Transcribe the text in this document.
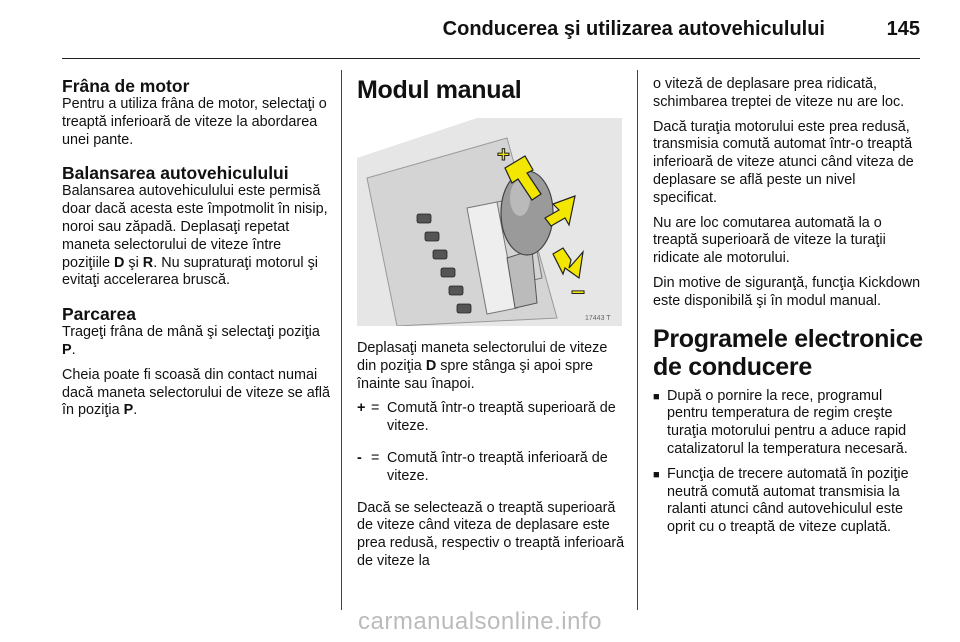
Conducerea şi utilizarea autovehiculului	145
Frâna de motor

Pentru a utiliza frâna de motor, selectaţi o treaptă inferioară de viteze la abordarea unei pante.

Balansarea autovehiculului

Balansarea autovehiculului este permisă doar dacă acesta este împotmolit în nisip, noroi sau zăpadă. Deplasaţi repetat maneta selectorului de viteze între poziţiile D şi R. Nu supraturaţi motorul şi evitaţi accelerarea bruscă.

Parcarea

Trageţi frâna de mână şi selectaţi poziţia P.

Cheia poate fi scoasă din contact numai dacă maneta selectorului de viteze se află în poziţia P.

Modul manual
+
−
17443 T

Deplasaţi maneta selectorului de viteze din poziţia D spre stânga şi apoi spre înainte sau înapoi.

+ = Comută într-o treaptă superioară de viteze.
- = Comută într-o treaptă inferioară de viteze.

Dacă se selectează o treaptă superioară de viteze când viteza de deplasare este prea redusă, respectiv o treaptă inferioară de viteze la

o viteză de deplasare prea ridicată, schimbarea treptei de viteze nu are loc.

Dacă turaţia motorului este prea redusă, transmisia comută automat într-o treaptă inferioară de viteze atunci când viteza de deplasare se află peste un nivel specificat.

Nu are loc comutarea automată la o treaptă superioară de viteze la turaţii ridicate ale motorului.

Din motive de siguranţă, funcţia Kickdown este disponibilă şi în modul manual.

Programele electronice de conducere
■ După o pornire la rece, programul pentru temperatura de regim creşte turaţia motorului pentru a aduce rapid catalizatorul la temperatura necesară.
■ Funcţia de trecere automată în poziţie neutră comută automat transmisia la ralanti atunci când autovehiculul este oprit cu o treaptă de viteze cuplată.
carmanualsonline.info
